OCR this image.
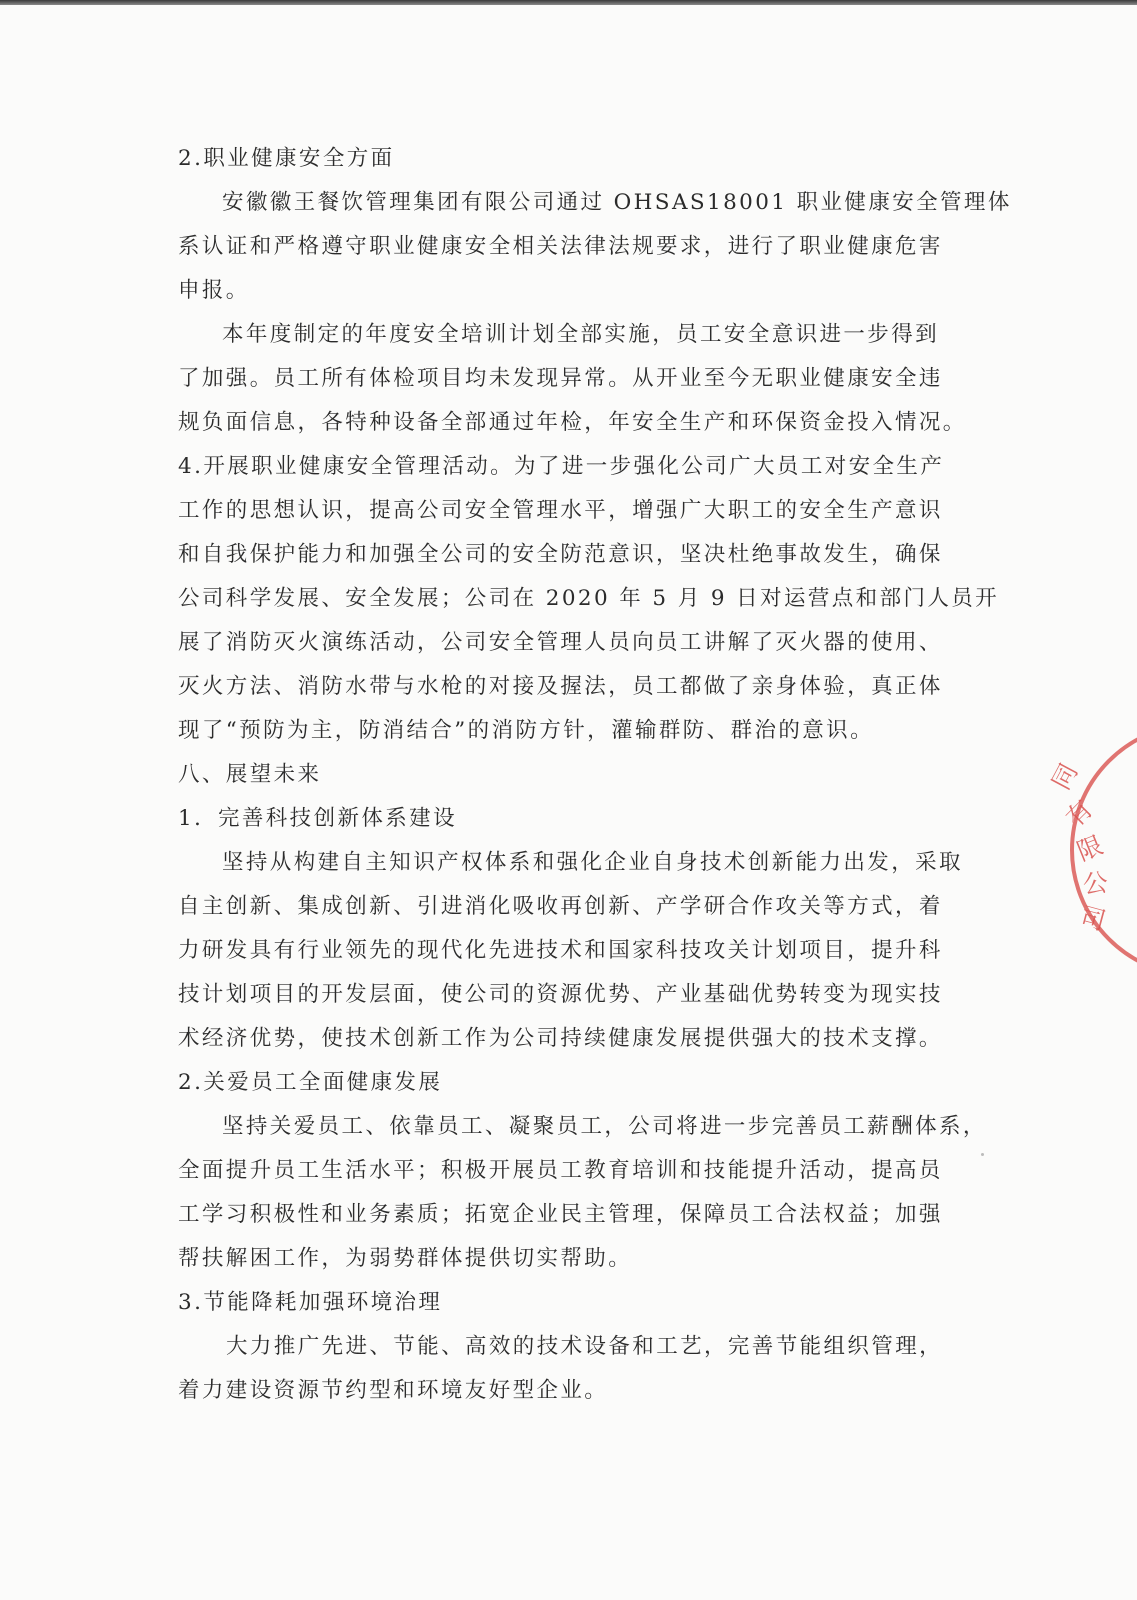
2.职业健康安全方面
安徽徽王餐饮管理集团有限公司通过 OHSAS18001 职业健康安全管理体
系认证和严格遵守职业健康安全相关法律法规要求，进行了职业健康危害
申报。
本年度制定的年度安全培训计划全部实施，员工安全意识进一步得到
了加强。员工所有体检项目均未发现异常。从开业至今无职业健康安全违
规负面信息，各特种设备全部通过年检，年安全生产和环保资金投入情况。
4.开展职业健康安全管理活动。为了进一步强化公司广大员工对安全生产
工作的思想认识，提高公司安全管理水平，增强广大职工的安全生产意识
和自我保护能力和加强全公司的安全防范意识，坚决杜绝事故发生，确保
公司科学发展、安全发展；公司在 2020 年 5 月 9 日对运营点和部门人员开
展了消防灭火演练活动，公司安全管理人员向员工讲解了灭火器的使用、
灭火方法、消防水带与水枪的对接及握法，员工都做了亲身体验，真正体
现了“预防为主，防消结合”的消防方针，灌输群防、群治的意识。
八、展望未来
1．完善科技创新体系建设
坚持从构建自主知识产权体系和强化企业自身技术创新能力出发，采取
自主创新、集成创新、引进消化吸收再创新、产学研合作攻关等方式，着
力研发具有行业领先的现代化先进技术和国家科技攻关计划项目，提升科
技计划项目的开发层面，使公司的资源优势、产业基础优势转变为现实技
术经济优势，使技术创新工作为公司持续健康发展提供强大的技术支撑。
2.关爱员工全面健康发展
坚持关爱员工、依靠员工、凝聚员工，公司将进一步完善员工薪酬体系，
全面提升员工生活水平；积极开展员工教育培训和技能提升活动，提高员
工学习积极性和业务素质；拓宽企业民主管理，保障员工合法权益；加强
帮扶解困工作，为弱势群体提供切实帮助。
3.节能降耗加强环境治理
大力推广先进、节能、高效的技术设备和工艺，完善节能组织管理，
着力建设资源节约型和环境友好型企业。
同
有
限
公
司
